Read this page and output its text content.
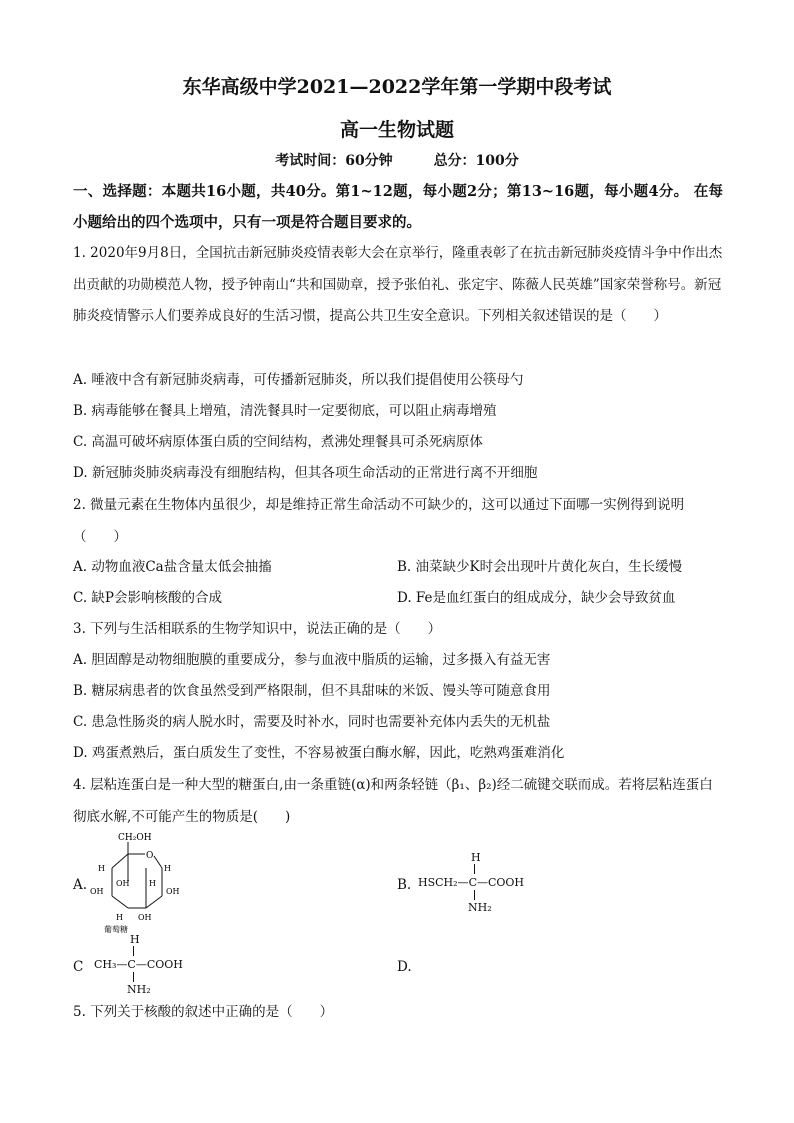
东华高级中学2021—2022学年第一学期中段考试
高一生物试题
考试时间：60分钟	总分：100分
一、选择题：本题共16小题，共40分。第1~12题，每小题2分；第13~16题，每小题4分。 在每小题给出的四个选项中，只有一项是符合题目要求的。
1. 2020年9月8日，全国抗击新冠肺炎疫情表彰大会在京举行，隆重表彰了在抗击新冠肺炎疫情斗争中作出杰出贡献的功勋模范人物，授予钟南山“共和国勋章，授予张伯礼、张定宇、陈薇人民英雄”国家荣誉称号。新冠肺炎疫情警示人们要养成良好的生活习惯，提高公共卫生安全意识。下列相关叙述错误的是（　　）
A. 唾液中含有新冠肺炎病毒，可传播新冠肺炎，所以我们提倡使用公筷母勺
B. 病毒能够在餐具上增殖，清洗餐具时一定要彻底，可以阻止病毒增殖
C. 高温可破坏病原体蛋白质的空间结构，煮沸处理餐具可杀死病原体
D. 新冠肺炎肺炎病毒没有细胞结构，但其各项生命活动的正常进行离不开细胞
2. 微量元素在生物体内虽很少，却是维持正常生命活动不可缺少的，这可以通过下面哪一实例得到说明（　　）
A. 动物血液Ca盐含量太低会抽搐	B. 油菜缺少K时会出现叶片黄化灰白，生长缓慢
C. 缺P会影响核酸的合成	D. Fe是血红蛋白的组成成分，缺少会导致贫血
3. 下列与生活相联系的生物学知识中，说法正确的是（　　）
A. 胆固醇是动物细胞膜的重要成分，参与血液中脂质的运输，过多摄入有益无害
B. 糖尿病患者的饮食虽然受到严格限制，但不具甜味的米饭、馒头等可随意食用
C. 患急性肠炎的病人脱水时，需要及时补水，同时也需要补充体内丢失的无机盐
D. 鸡蛋煮熟后，蛋白质发生了变性，不容易被蛋白酶水解，因此，吃熟鸡蛋难消化
4. 层粘连蛋白是一种大型的糖蛋白,由一条重链(α)和两条轻链（β₁、β₂)经二硫键交联而成。若将层粘连蛋白彻底水解,不可能产生的物质是(　　)
A.
CH₂OH
O
H	H
OH
OH H
OH
H OH
葡萄糖
B.
H
HSCH₂—C—COOH
NH₂
C
H
CH₃—C—COOH
NH₂
D.
5. 下列关于核酸的叙述中正确的是（　　）
